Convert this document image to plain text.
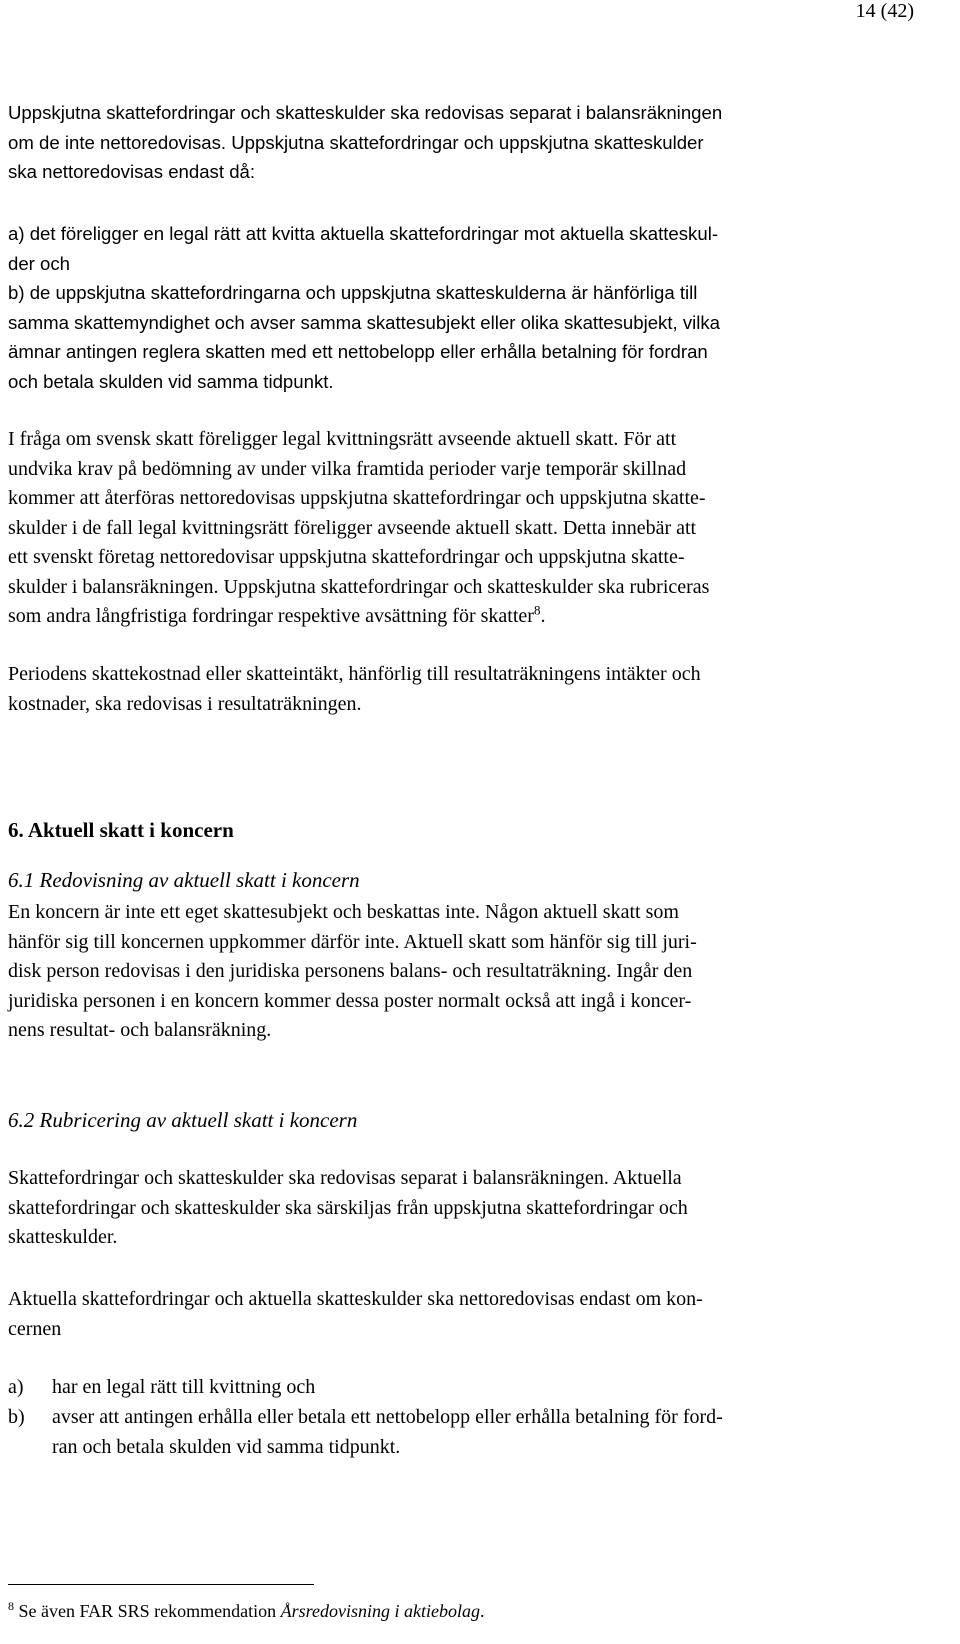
14 (42)

Uppskjutna skattefordringar och skatteskulder ska redovisas separat i balansräkningen
om de inte nettoredovisas. Uppskjutna skattefordringar och uppskjutna skatteskulder
ska nettoredovisas endast då:

a) det föreligger en legal rätt att kvitta aktuella skattefordringar mot aktuella skatteskul-
der och
b) de uppskjutna skattefordringarna och uppskjutna skatteskulderna är hänförliga till
samma skattemyndighet och avser samma skattesubjekt eller olika skattesubjekt, vilka
ämnar antingen reglera skatten med ett nettobelopp eller erhålla betalning för fordran
och betala skulden vid samma tidpunkt.

I fråga om svensk skatt föreligger legal kvittningsrätt avseende aktuell skatt. För att
undvika krav på bedömning av under vilka framtida perioder varje temporär skillnad
kommer att återföras nettoredovisas uppskjutna skattefordringar och uppskjutna skatte-
skulder i de fall legal kvittningsrätt föreligger avseende aktuell skatt. Detta innebär att
ett svenskt företag nettoredovisar uppskjutna skattefordringar och uppskjutna skatte-
skulder i balansräkningen. Uppskjutna skattefordringar och skatteskulder ska rubriceras
som andra långfristiga fordringar respektive avsättning för skatter$^8$.

Periodens skattekostnad eller skatteintäkt, hänförlig till resultaträkningens intäkter och
kostnader, ska redovisas i resultaträkningen.

6. Aktuell skatt i koncern
6.1 Redovisning av aktuell skatt i koncern

En koncern är inte ett eget skattesubjekt och beskattas inte. Någon aktuell skatt som
hänför sig till koncernen uppkommer därför inte. Aktuell skatt som hänför sig till juri-
disk person redovisas i den juridiska personens balans- och resultaträkning. Ingår den
juridiska personen i en koncern kommer dessa poster normalt också att ingå i koncer-
nens resultat- och balansräkning.

6.2 Rubricering av aktuell skatt i koncern

Skattefordringar och skatteskulder ska redovisas separat i balansräkningen. Aktuella
skattefordringar och skatteskulder ska särskiljas från uppskjutna skattefordringar och
skatteskulder.

Aktuella skattefordringar och aktuella skatteskulder ska nettoredovisas endast om kon-
cernen

a) har en legal rätt till kvittning och
b) avser att antingen erhålla eller betala ett nettobelopp eller erhålla betalning för ford-
ran och betala skulden vid samma tidpunkt.
$^8$ Se även FAR SRS rekommendation Årsredovisning i aktiebolag.
